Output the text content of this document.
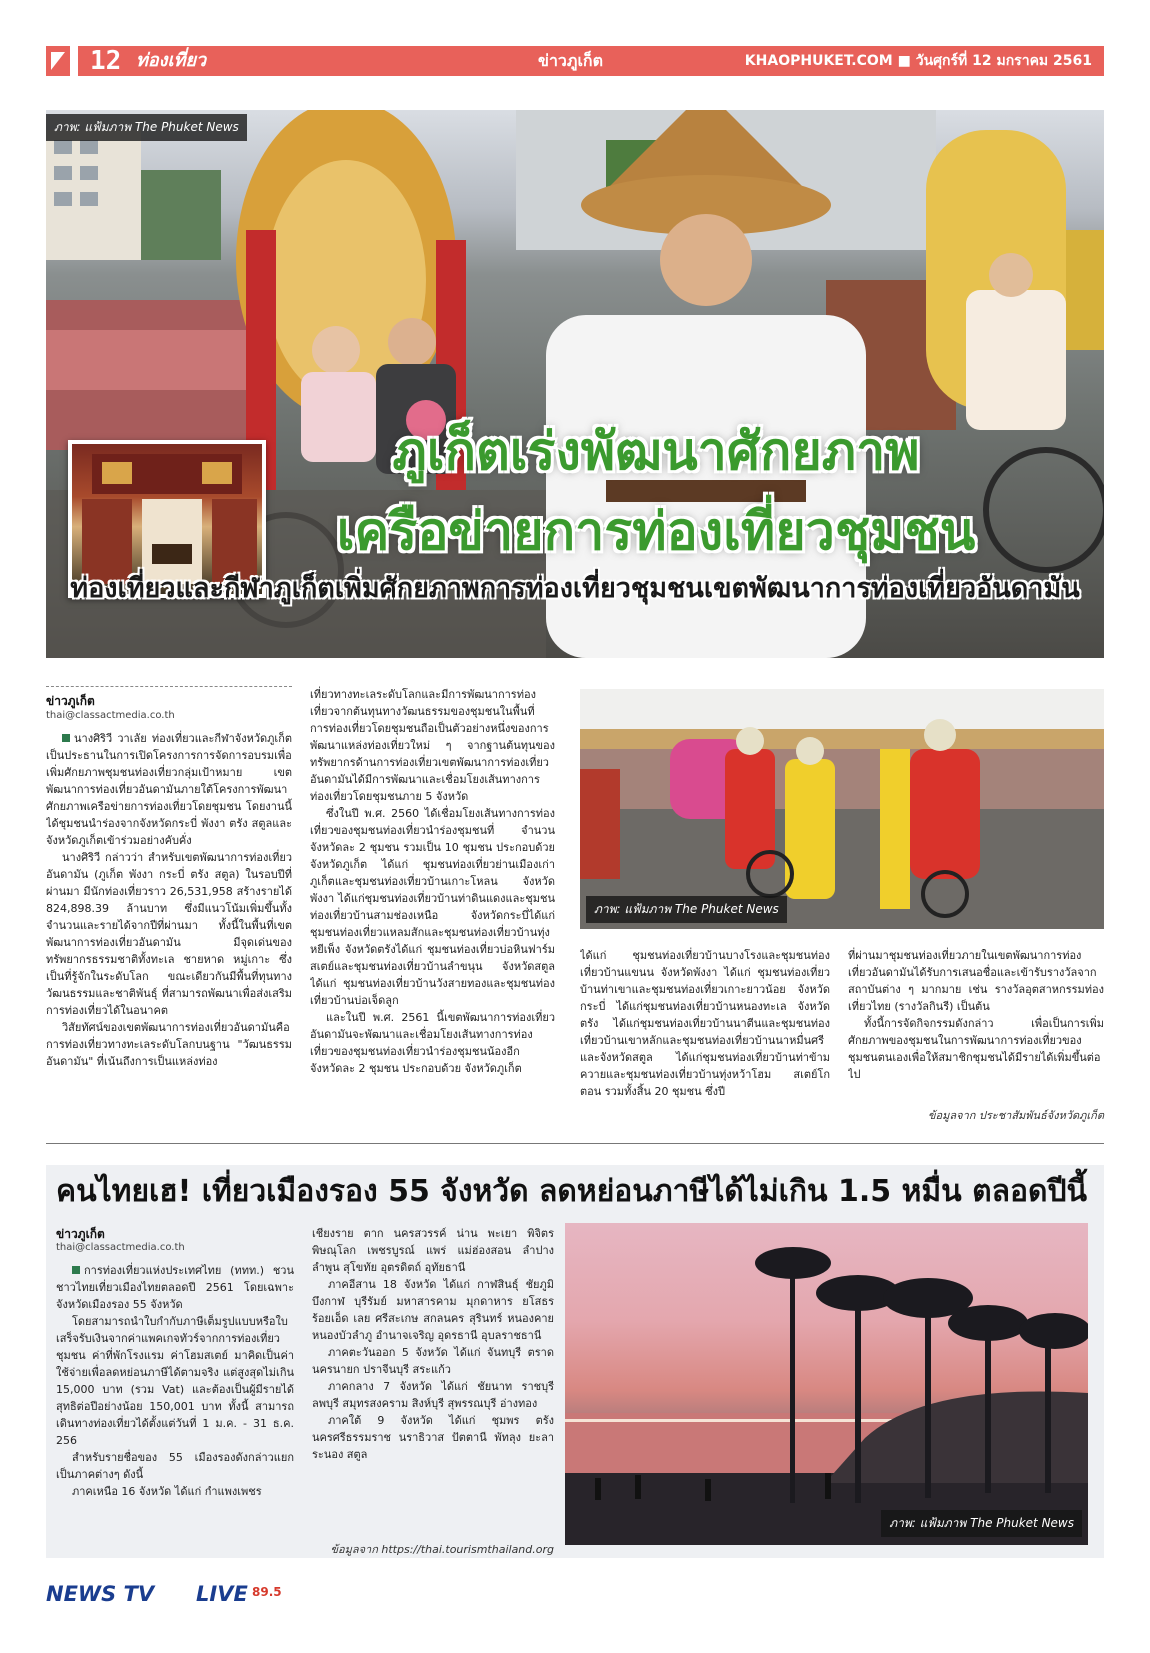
12 ท่องเที่ยว	ข่าวภูเก็ต	KHAOPHUKET.COM ■ วันศุกร์ที่ 12 มกราคม 2561
ภาพ: แฟ้มภาพ The Phuket News
ภูเก็ตเร่งพัฒนาศักยภาพ
เครือข่ายการท่องเที่ยวชุมชน
ท่องเที่ยวและกีฬาภูเก็ตเพิ่มศักยภาพการท่องเที่ยวชุมชนเขตพัฒนาการท่องเที่ยวอันดามัน
ข่าวภูเก็ต
thai@classactmedia.co.th

นางศิริวี วาเลัย ท่องเที่ยวและกีฬาจังหวัดภูเก็ต เป็นประธานในการเปิดโครงการการจัดการอบรมเพื่อเพิ่มศักยภาพชุมชนท่องเที่ยวกลุ่มเป้าหมาย เขตพัฒนาการท่องเที่ยวอันดามันภายใต้โครงการพัฒนาศักยภาพเครือข่ายการท่องเที่ยวโดยชุมชน โดยงานนี้ได้ชุมชนนำร่องจากจังหวัดกระบี่ พังงา ตรัง สตูลและจังหวัดภูเก็ตเข้าร่วมอย่างคับคั่ง

นางศิริวี กล่าวว่า สำหรับเขตพัฒนาการท่องเที่ยวอันดามัน (ภูเก็ต พังงา กระบี่ ตรัง สตูล) ในรอบปีที่ผ่านมา มีนักท่องเที่ยวราว 26,531,958 สร้างรายได้ 824,898.39 ล้านบาท ซึ่งมีแนวโน้มเพิ่มขึ้นทั้งจำนวนและรายได้จากปีที่ผ่านมา ทั้งนี้ในพื้นที่เขตพัฒนาการท่องเที่ยวอันดามัน มีจุดเด่นของทรัพยากรธรรมชาติทั้งทะเล ชายหาด หมู่เกาะ ซึ่งเป็นที่รู้จักในระดับโลก ขณะเดียวกันมีพื้นที่ทุนทางวัฒนธรรมและชาติพันธุ์ ที่สามารถพัฒนาเพื่อส่งเสริมการท่องเที่ยวได้ในอนาคต

วิสัยทัศน์ของเขตพัฒนาการท่องเที่ยวอันดามันคือ การท่องเที่ยวทางทะเลระดับโลกบนฐาน "วัฒนธรรมอันดามัน" ที่เน้นถึงการเป็นแหล่งท่อง

เที่ยวทางทะเลระดับโลกและมีการพัฒนาการท่องเที่ยวจากต้นทุนทางวัฒนธรรมของชุมชนในพื้นที่ การท่องเที่ยวโดยชุมชนถือเป็นตัวอย่างหนึ่งของการพัฒนาแหล่งท่องเที่ยวใหม่ ๆ จากฐานต้นทุนของทรัพยากรด้านการท่องเที่ยวเขตพัฒนาการท่องเที่ยวอันดามันได้มีการพัฒนาและเชื่อมโยงเส้นทางการท่องเที่ยวโดยชุมชนภาย 5 จังหวัด

ซึ่งในปี พ.ศ. 2560 ได้เชื่อมโยงเส้นทางการท่องเที่ยวของชุมชนท่องเที่ยวนำร่องชุมชนที่ จำนวน จังหวัดละ 2 ชุมชน รวมเป็น 10 ชุมชน ประกอบด้วย จังหวัดภูเก็ต ได้แก่ ชุมชนท่องเที่ยวย่านเมืองเก่าภูเก็ตและชุมชนท่องเที่ยวบ้านเกาะโหลน จังหวัดพังงา ได้แก่ชุมชนท่องเที่ยวบ้านท่าดินแดงและชุมชนท่องเที่ยวบ้านสามช่องเหนือ จังหวัดกระบี่ได้แก่ ชุมชนท่องเที่ยวแหลมสักและชุมชนท่องเที่ยวบ้านทุ่งหยีเพ็ง จังหวัดตรังได้แก่ ชุมชนท่องเที่ยวบ่อหินฟาร์มสเตย์และชุมชนท่องเที่ยวบ้านลำขนุน จังหวัดสตูล ได้แก่ ชุมชนท่องเที่ยวบ้านวังสายทองและชุมชนท่องเที่ยวบ้านบ่อเจ็ดลูก

และในปี พ.ศ. 2561 นี้เขตพัฒนาการท่องเที่ยวอันดามันจะพัฒนาและเชื่อมโยงเส้นทางการท่องเที่ยวของชุมชนท่องเที่ยวนำร่องชุมชนน้องอีก จังหวัดละ 2 ชุมชน ประกอบด้วย จังหวัดภูเก็ต

ภาพ: แฟ้มภาพ The Phuket News

ได้แก่ ชุมชนท่องเที่ยวบ้านบางโรงและชุมชนท่องเที่ยวบ้านแขนน จังหวัดพังงา ได้แก่ ชุมชนท่องเที่ยวบ้านท่าเขาและชุมชนท่องเที่ยวเกาะยาวน้อย จังหวัดกระบี่ ได้แก่ชุมชนท่องเที่ยวบ้านหนองทะเล จังหวัดตรัง ได้แก่ชุมชนท่องเที่ยวบ้านนาตีนและชุมชนท่องเที่ยวบ้านเขาหลักและชุมชนท่องเที่ยวบ้านนาหมื่นศรี และจังหวัดสตูล ได้แก่ชุมชนท่องเที่ยวบ้านท่าข้ามควายและชุมชนท่องเที่ยวบ้านทุ่งหว้าโฮม สเตย์โกตอน รวมทั้งสิ้น 20 ชุมชน ซึ่งปี

ที่ผ่านมาชุมชนท่องเที่ยวภายในเขตพัฒนาการท่องเที่ยวอันดามันได้รับการเสนอชื่อและเข้ารับรางวัลจากสถาบันต่าง ๆ มากมาย เช่น รางวัลอุตสาหกรรมท่องเที่ยวไทย (รางวัลกินรี) เป็นต้น

ทั้งนี้การจัดกิจกรรมดังกล่าว เพื่อเป็นการเพิ่มศักยภาพของชุมชนในการพัฒนาการท่องเที่ยวของชุมชนตนเองเพื่อให้สมาชิกชุมชนได้มีรายได้เพิ่มขึ้นต่อไป

ข้อมูลจาก ประชาสัมพันธ์จังหวัดภูเก็ต
คนไทยเฮ! เที่ยวเมืองรอง 55 จังหวัด ลดหย่อนภาษีได้ไม่เกิน 1.5 หมื่น ตลอดปีนี้
ข่าวภูเก็ต
thai@classactmedia.co.th

การท่องเที่ยวแห่งประเทศไทย (ททท.) ชวนชาวไทยเที่ยวเมืองไทยตลอดปี 2561 โดยเฉพาะจังหวัดเมืองรอง 55 จังหวัด

โดยสามารถนำใบกำกับภาษีเต็มรูปแบบหรือใบเสร็จรับเงินจากค่าแพคเกจทัวร์จากการท่องเที่ยวชุมชน ค่าที่พักโรงแรม ค่าโฮมสเตย์ มาคิดเป็นค่าใช้จ่ายเพื่อลดหย่อนภาษีได้ตามจริง แต่สูงสุดไม่เกิน 15,000 บาท (รวม Vat) และต้องเป็นผู้มีรายได้สุทธิต่อปีอย่างน้อย 150,001 บาท ทั้งนี้ สามารถเดินทางท่องเที่ยวได้ตั้งแต่วันที่ 1 ม.ค. - 31 ธ.ค. 256

สำหรับรายชื่อของ 55 เมืองรองดังกล่าวแยกเป็นภาคต่างๆ ดังนี้

ภาคเหนือ 16 จังหวัด ได้แก่ กำแพงเพชร

เชียงราย ตาก นครสวรรค์ น่าน พะเยา พิจิตร พิษณุโลก เพชรบูรณ์ แพร่ แม่ฮ่องสอน ลำปาง ลำพูน สุโขทัย อุตรดิตถ์ อุทัยธานี

ภาคอีสาน 18 จังหวัด ได้แก่ กาฬสินธุ์ ชัยภูมิ บึงกาฬ บุรีรัมย์ มหาสารคาม มุกดาหาร ยโสธร ร้อยเอ็ด เลย ศรีสะเกษ สกลนคร สุรินทร์ หนองคาย หนองบัวลำภู อำนาจเจริญ อุดรธานี อุบลราชธานี

ภาคตะวันออก 5 จังหวัด ได้แก่ จันทบุรี ตราด นครนายก ปราจีนบุรี สระแก้ว

ภาคกลาง 7 จังหวัด ได้แก่ ชัยนาท ราชบุรี ลพบุรี สมุทรสงคราม สิงห์บุรี สุพรรณบุรี อ่างทอง

ภาคใต้ 9 จังหวัด ได้แก่ ชุมพร ตรัง นครศรีธรรมราช นราธิวาส ปัตตานี พัทลุง ยะลา ระนอง สตูล

ข้อมูลจาก https://thai.tourismthailand.org
ภาพ: แฟ้มภาพ The Phuket News
NEWS TV LIVE 89.5
